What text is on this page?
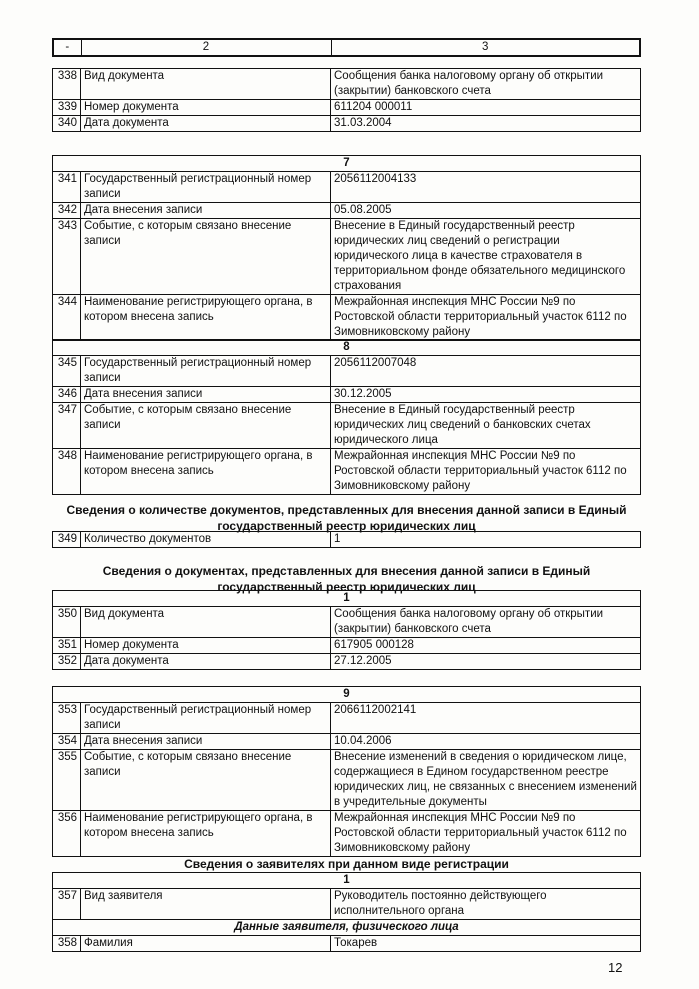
-	2	3
338	Вид документа	Сообщения банка налоговому органу об открытии (закрытии) банковского счета
339	Номер документа	611204 000011
340	Дата документа	31.03.2004

7		
341	Государственный регистрационный номер записи	2056112004133
342	Дата внесения записи	05.08.2005
343	Событие, с которым связано внесение записи	Внесение в Единый государственный реестр юридических лиц сведений о регистрации юридического лица в качестве страхователя в территориальном фонде обязательного медицинского страхования
344	Наименование регистрирующего органа, в котором внесена запись	Межрайонная инспекция МНС России №9 по Ростовской области территориальный участок 6112 по Зимовниковскому району

8		
345	Государственный регистрационный номер записи	2056112007048
346	Дата внесения записи	30.12.2005
347	Событие, с которым связано внесение записи	Внесение в Единый государственный реестр юридических лиц сведений о банковских счетах юридического лица
348	Наименование регистрирующего органа, в котором внесена запись	Межрайонная инспекция МНС России №9 по Ростовской области территориальный участок 6112 по Зимовниковскому району
Сведения о количестве документов, представленных для внесения данной записи в Единый государственный реестр юридических лиц
349	Количество документов	1
Сведения о документах, представленных для внесения данной записи в Единый государственный реестр юридических лиц
1		
350	Вид документа	Сообщения банка налоговому органу об открытии (закрытии) банковского счета
351	Номер документа	617905 000128
352	Дата документа	27.12.2005

9		
353	Государственный регистрационный номер записи	2066112002141
354	Дата внесения записи	10.04.2006
355	Событие, с которым связано внесение записи	Внесение изменений в сведения о юридическом лице, содержащиеся в Едином государственном реестре юридических лиц, не связанных с внесением изменений в учредительные документы
356	Наименование регистрирующего органа, в котором внесена запись	Межрайонная инспекция МНС России №9 по Ростовской области территориальный участок 6112 по Зимовниковскому району
Сведения о заявителях при данном виде регистрации
1		
357	Вид заявителя	Руководитель постоянно действующего исполнительного органа
Данные заявителя, физического лица		
358	Фамилия	Токарев
12
